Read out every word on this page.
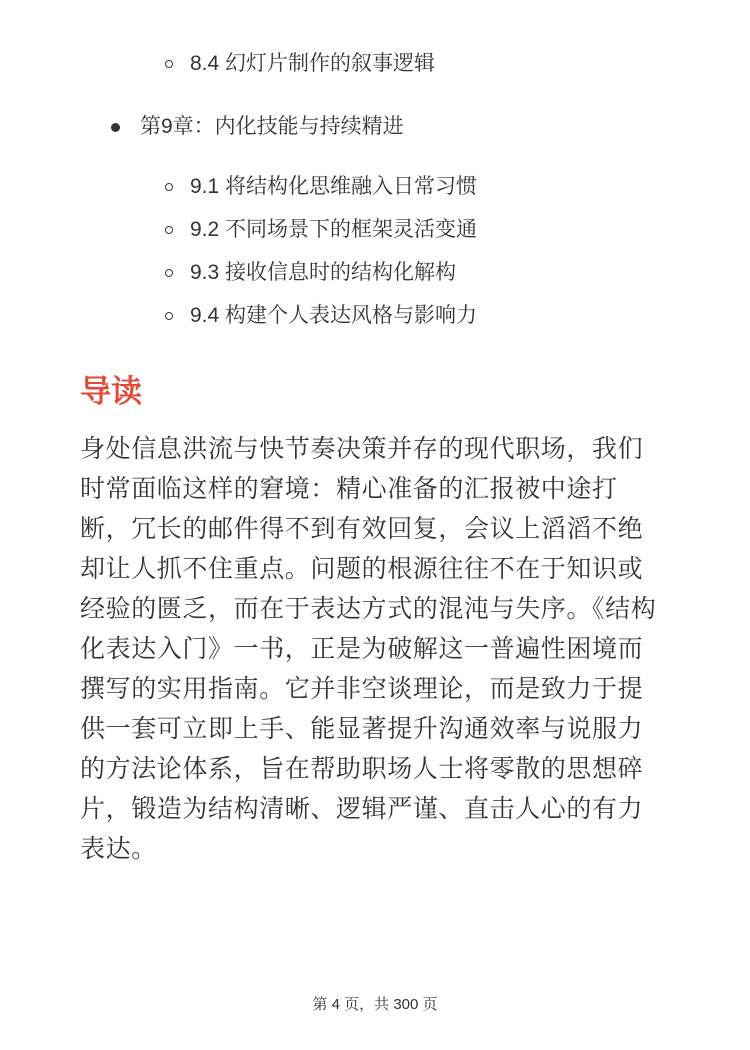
8.4 幻灯片制作的叙事逻辑
第9章：内化技能与持续精进
9.1 将结构化思维融入日常习惯
9.2 不同场景下的框架灵活变通
9.3 接收信息时的结构化解构
9.4 构建个人表达风格与影响力
导读

身处信息洪流与快节奏决策并存的现代职场，我们时常面临这样的窘境：精心准备的汇报被中途打断，冗长的邮件得不到有效回复，会议上滔滔不绝却让人抓不住重点。问题的根源往往不在于知识或经验的匮乏，而在于表达方式的混沌与失序。《结构化表达入门》一书，正是为破解这一普遍性困境而撰写的实用指南。它并非空谈理论，而是致力于提供一套可立即上手、能显著提升沟通效率与说服力的方法论体系，旨在帮助职场人士将零散的思想碎片，锻造为结构清晰、逻辑严谨、直击人心的有力表达。

第 4 页，共 300 页
